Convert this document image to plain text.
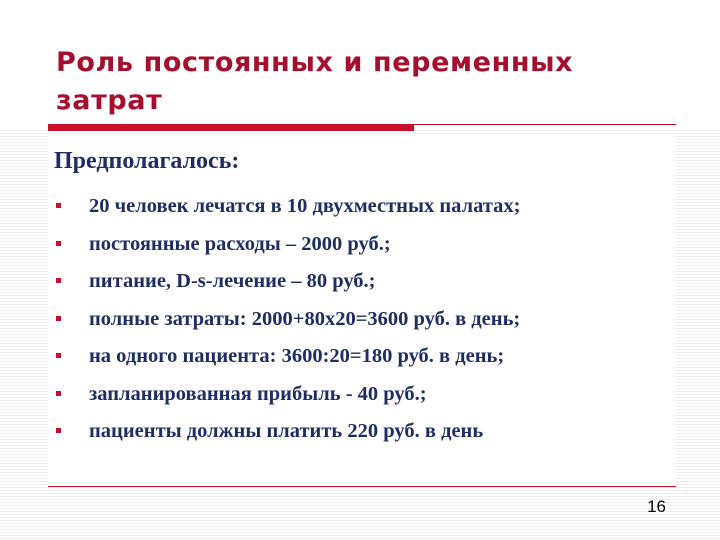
Роль постоянных и переменных затрат
Предполагалось:
20 человек лечатся в 10 двухместных палатах;
постоянные расходы – 2000 руб.;
питание, D-s-лечение – 80 руб.;
полные затраты: 2000+80х20=3600 руб. в день;
на одного пациента: 3600:20=180 руб. в день;
запланированная прибыль - 40 руб.;
пациенты должны платить 220 руб. в день
16
